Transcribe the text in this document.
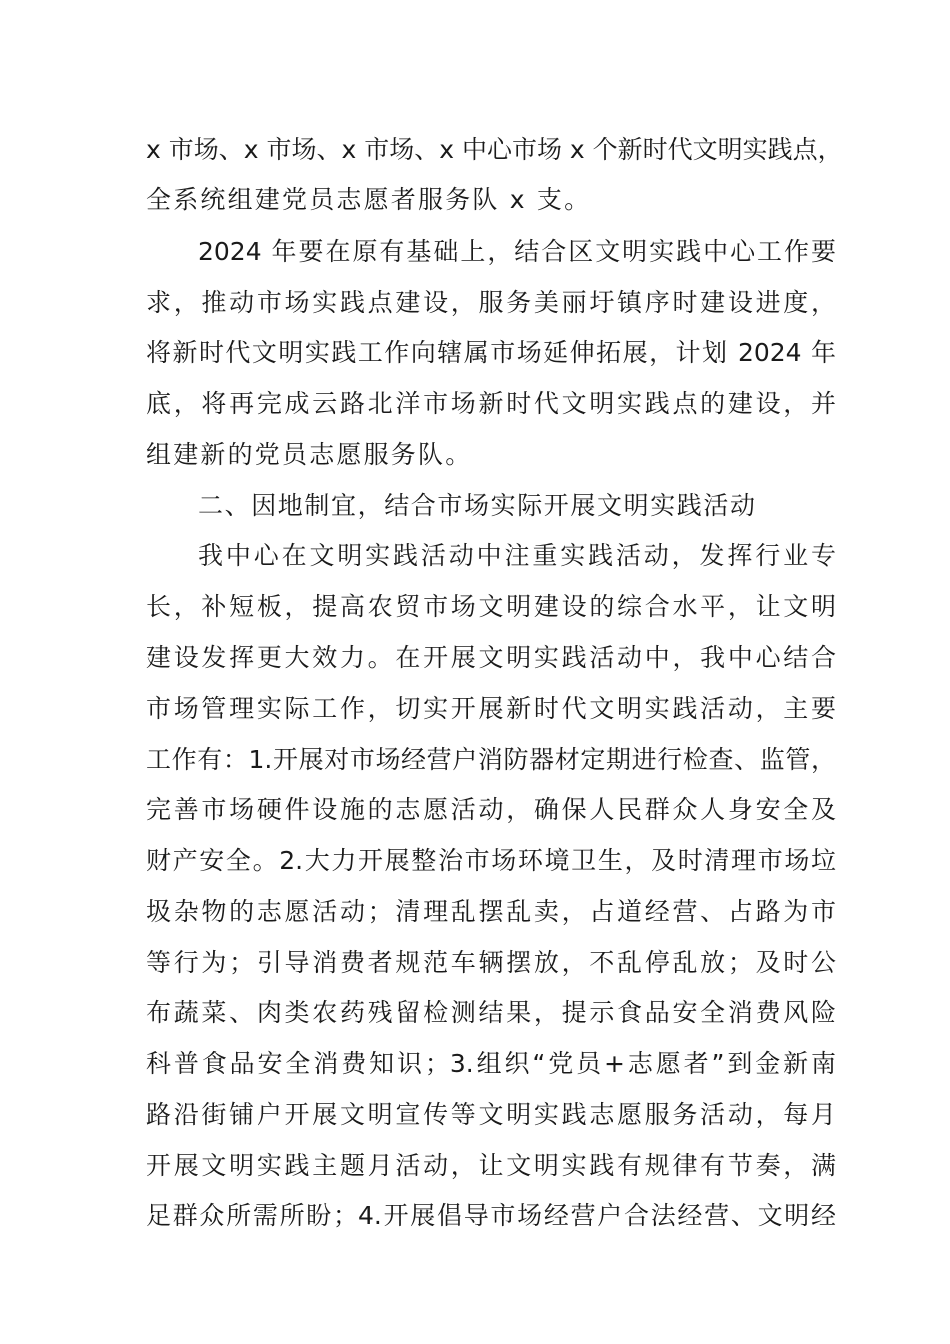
x 市场、x 市场、x 市场、x 中心市场 x 个新时代文明实践点，
全系统组建党员志愿者服务队 x 支。
2024 年要在原有基础上，结合区文明实践中心工作要
求，推动市场实践点建设，服务美丽圩镇序时建设进度，
将新时代文明实践工作向辖属市场延伸拓展，计划 2024 年
底，将再完成云路北洋市场新时代文明实践点的建设，并
组建新的党员志愿服务队。
二、因地制宜，结合市场实际开展文明实践活动
我中心在文明实践活动中注重实践活动，发挥行业专
长，补短板，提高农贸市场文明建设的综合水平，让文明
建设发挥更大效力。在开展文明实践活动中，我中心结合
市场管理实际工作，切实开展新时代文明实践活动，主要
工作有：1.开展对市场经营户消防器材定期进行检查、监管，
完善市场硬件设施的志愿活动，确保人民群众人身安全及
财产安全。2.大力开展整治市场环境卫生，及时清理市场垃
圾杂物的志愿活动；清理乱摆乱卖，占道经营、占路为市
等行为；引导消费者规范车辆摆放，不乱停乱放；及时公
布蔬菜、肉类农药残留检测结果，提示食品安全消费风险
科普食品安全消费知识；3.组织“党员+志愿者”到金新南
路沿街铺户开展文明宣传等文明实践志愿服务活动，每月
开展文明实践主题月活动，让文明实践有规律有节奏，满
足群众所需所盼；4.开展倡导市场经营户合法经营、文明经
